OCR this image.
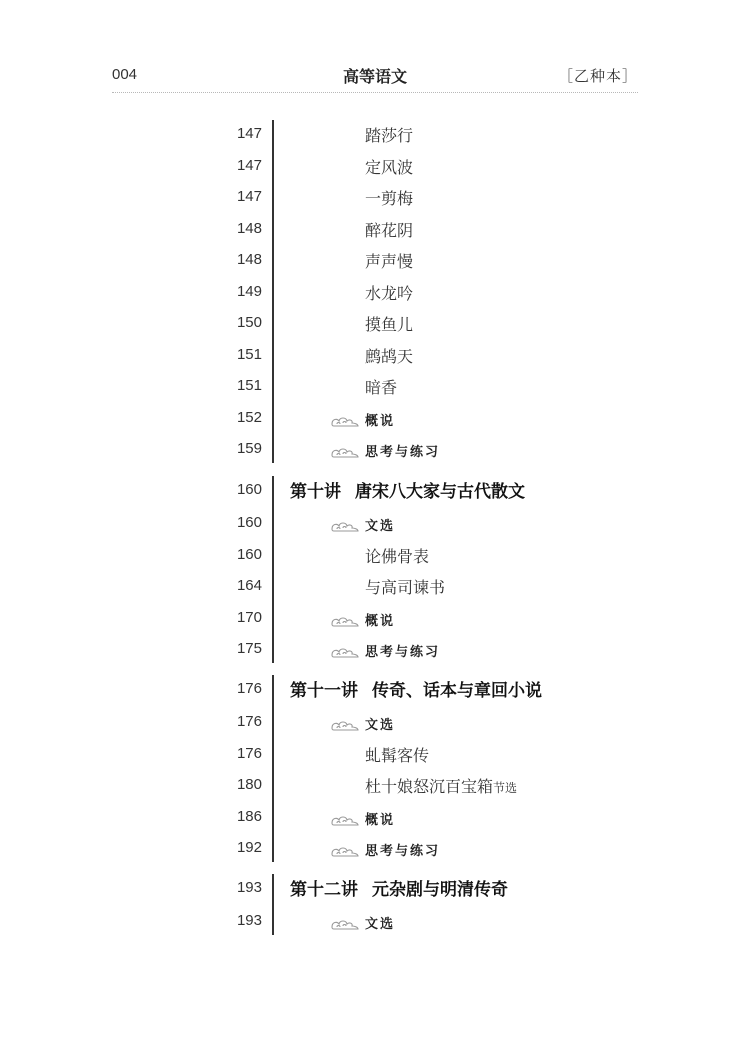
004	高等语文	［乙种本］
147	踏莎行
147	定风波
147	一剪梅
148	醉花阴
148	声声慢
149	水龙吟
150	摸鱼儿
151	鹧鸪天
151	暗香
152	概说
159	思考与练习
160 第十讲 唐宋八大家与古代散文
160	文选
160	论佛骨表
164	与高司谏书
170	概说
175	思考与练习
176 第十一讲 传奇、话本与章回小说
176	文选
176	虬髯客传
180	杜十娘怒沉百宝箱节选
186	概说
192	思考与练习
193 第十二讲 元杂剧与明清传奇
193	文选
